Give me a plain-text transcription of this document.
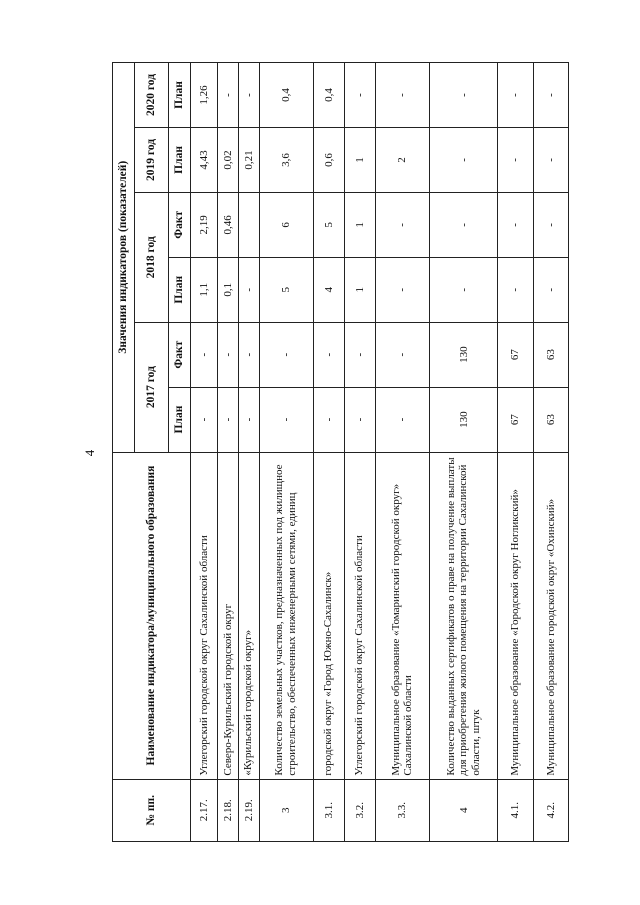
4
№ пп.	Наименование индикатора/муниципального образования	Значения индикаторов (показателей)					
		2017 год		2018 год		2019 год	2020 год
		План	Факт	План	Факт	План	План
2.17.	Углегорский городской округ Сахалинской области	-	-	1,1	2,19	4,43	1,26
2.18.	Северо-Курильский городской округ	-	-	0,1	0,46	0,02	-
2.19.	«Курильский городской округ»	-	-	-		0,21	-
3	Количество земельных участков, предназначенных под жилищное строительство, обеспеченных инженерными сетями, единиц	-	-	5	6	3,6	0,4
3.1.	городской округ «Город Южно-Сахалинск»	-	-	4	5	0,6	0,4
3.2.	Углегорский городской округ Сахалинской области	-	-	1	1	1	-
3.3.	Муниципальное образование «Томаринский городской округ» Сахалинской области	-	-	-	-	2	-
4	Количество выданных сертификатов о праве на получение выплаты для приобретения жилого помещения на территории Сахалинской области, штук	130	130	-	-	-	-
4.1.	Муниципальное образование «Городской округ Ногликский»	67	67	-	-	-	-
4.2.	Муниципальное образование городской округ «Охинский»	63	63	-	-	-	-
